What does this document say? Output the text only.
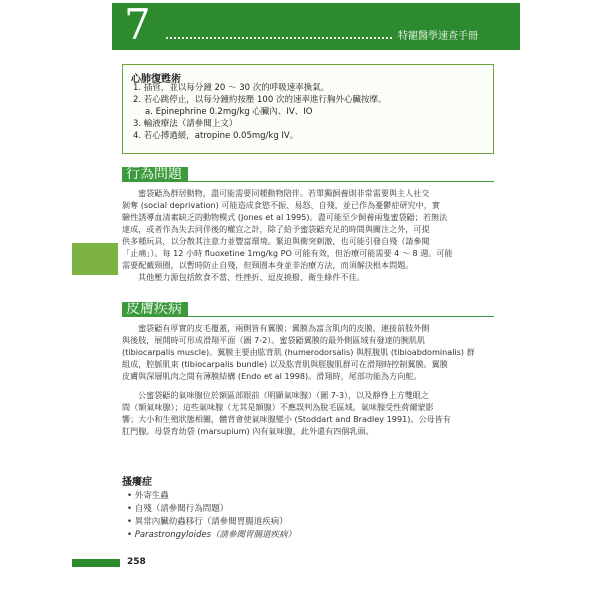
7	特寵醫學速查手冊
心肺復甦術
1. 插管，並以每分鐘 20 ～ 30 次的呼吸速率換氣。
2. 若心跳停止，以每分鐘約按壓 100 次的速率進行胸外心臟按摩。
a. Epinephrine 0.2mg/kg 心臟內、IV、IO
3. 輸液療法（請參閱上文）
4. 若心搏過緩，atropine 0.05mg/kg IV。
行為問題
蜜袋鼯為群居動物，盡可能需要同種動物陪伴。若單獨飼養則非常需要與主人社交
剝奪 (social deprivation) 可能造成食慾不振、易怒、自殘，並已作為憂鬱症研究中，實
驗性誘導血清素缺乏的動物模式 (Jones et al 1995)。盡可能至少飼養兩隻蜜袋鼯；若無法
達成，或者作為失去同伴後的權宜之計，除了給予蜜袋鼯充足的時間與關注之外，可提
供多種玩具，以分散其注意力並豐富環境。緊迫與衝突刺激，也可能引發自殘（請參閱
「止痛」）。每 12 小時 fluoxetine 1mg/kg PO 可能有效，但治療可能需要 4 ～ 8 週。可能
需要配戴頸圈，以暫時防止自殘，但頸圈本身並非治療方法，而須解決根本問題。
其他壓力源包括飲食不當、性挫折、逗皮撓撥、衛生條件不佳。
皮膚疾病
蜜袋鼯有厚實的皮毛覆蓋，兩側皆有翼膜；翼膜為富含肌肉的皮膜，連接前肢外側
與後肢，展開時可形成滑翔平面（圖 7-2）。蜜袋鼯翼膜的最外側區域有發達的腕肌肌
(tibiocarpalis muscle)。翼膜主要由肱背肌 (humerodorsalis) 與脛腹肌 (tibioabdominalis) 群
組成，腔脈肌束 (tibiocarpalis bundle) 以及肱背肌與脛腹肌群可在滑翔時控制翼膜。翼膜
皮膚與深層肌肉之間有薄膜結構 (Endo et al 1998)。滑翔時，尾部功能為方向舵。
公蜜袋鼯的氣味腺位於額區部眼前（明顯氣味腺）（圖 7-3），以及靜脊上方雙眼之
間（額氣味腺）；這些氣味腺（尤其是額腺）不應誤判為脫毛區域。氣味腺受性荷爾蒙影
響；大小和生殖狀態相關，體背會使氣味腺變小 (Stoddart and Bradley 1991)。公母皆有
肛門腺。母袋育幼袋 (marsupium) 內有氣味腺，此外還有四個乳頭。
搔癢症
• 外寄生蟲
• 自殘（請參閱行為問題）
• 異常內臟幼蟲移行（請參閱胃腸道疾病）
• Parastrongyloides（請參閱胃腸道疾病）
258
